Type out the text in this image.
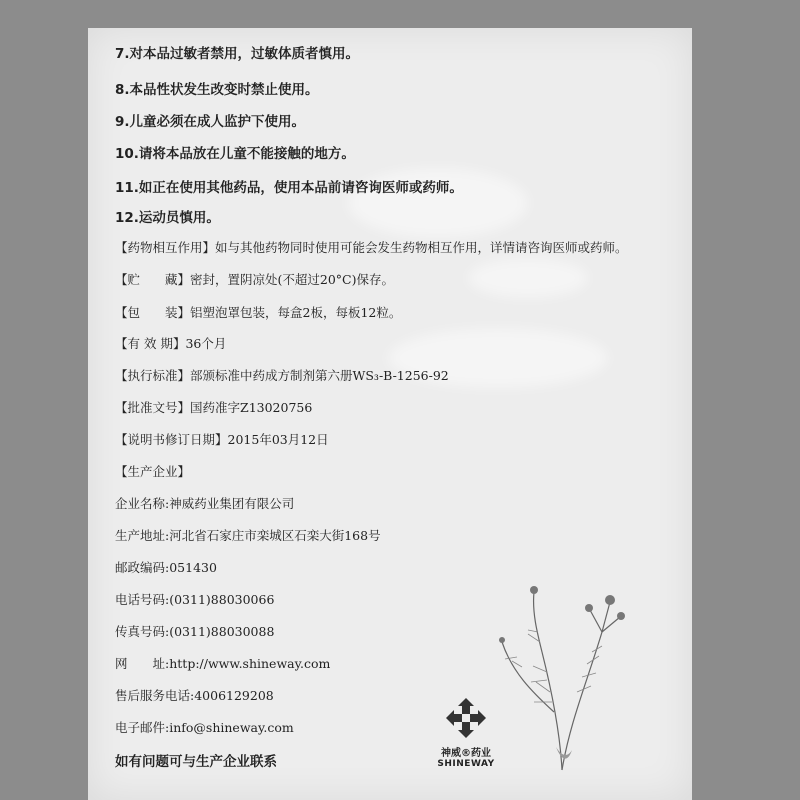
7.对本品过敏者禁用，过敏体质者慎用。
8.本品性状发生改变时禁止使用。
9.儿童必须在成人监护下使用。
10.请将本品放在儿童不能接触的地方。
11.如正在使用其他药品，使用本品前请咨询医师或药师。
12.运动员慎用。
【药物相互作用】如与其他药物同时使用可能会发生药物相互作用，详情请咨询医师或药师。
【贮　　藏】密封，置阴凉处(不超过20°C)保存。
【包　　装】铝塑泡罩包装，每盒2板，每板12粒。
【有 效 期】36个月
【执行标准】部颁标准中药成方制剂第六册WS₃-B-1256-92
【批准文号】国药准字Z13020756
【说明书修订日期】2015年03月12日
【生产企业】
企业名称:神威药业集团有限公司
生产地址:河北省石家庄市栾城区石栾大街168号
邮政编码:051430
电话号码:(0311)88030066
传真号码:(0311)88030088
网　　址:http://www.shineway.com
售后服务电话:4006129208
电子邮件:info@shineway.com
如有问题可与生产企业联系
神威®药业
SHINEWAY
